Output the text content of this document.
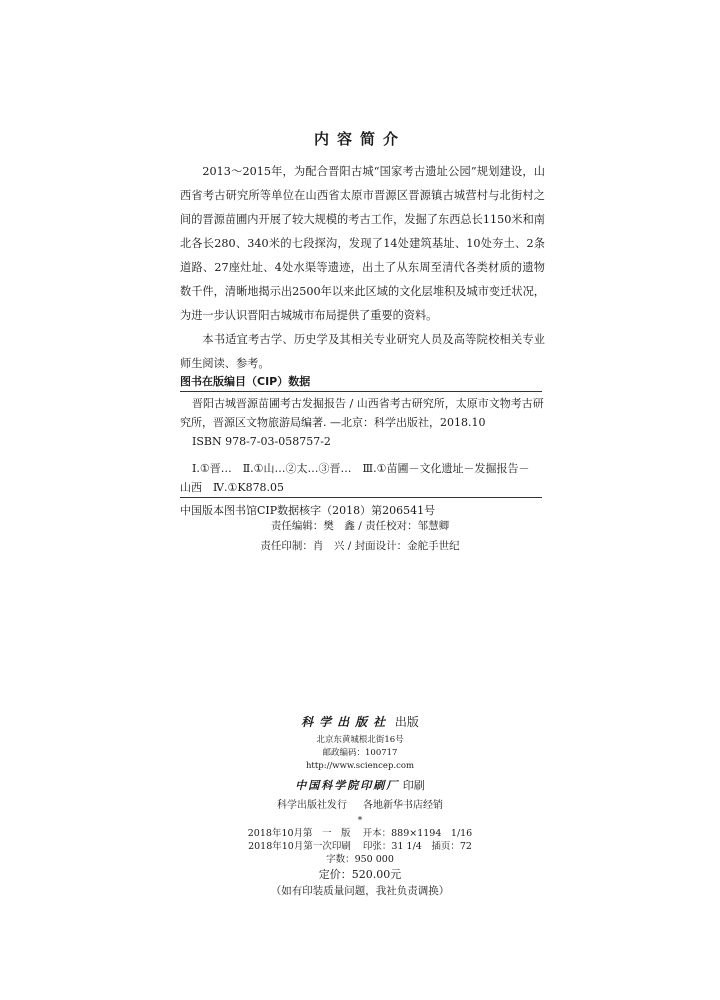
内容简介

2013～2015年，为配合晋阳古城“国家考古遗址公园”规划建设，山西省考古研究所等单位在山西省太原市晋源区晋源镇古城营村与北街村之间的晋源苗圃内开展了较大规模的考古工作，发掘了东西总长1150米和南北各长280、340米的七段探沟，发现了14处建筑基址、10处夯土、2条道路、27座灶址、4处水渠等遗迹，出土了从东周至清代各类材质的遗物数千件，清晰地揭示出2500年以来此区域的文化层堆积及城市变迁状况，为进一步认识晋阳古城城市布局提供了重要的资料。

本书适宜考古学、历史学及其相关专业研究人员及高等院校相关专业师生阅读、参考。

图书在版编目（CIP）数据
晋阳古城晋源苗圃考古发掘报告 / 山西省考古研究所，太原市文物考古研
究所，晋源区文物旅游局编著. —北京：科学出版社，2018.10
ISBN 978-7-03-058757-2
Ⅰ.①晋…　Ⅱ.①山…②太…③晋…　Ⅲ.①苗圃－文化遗址－发掘报告－
山西　Ⅳ.①K878.05
中国版本图书馆CIP数据核字（2018）第206541号
责任编辑：樊　鑫 / 责任校对：邹慧卿
责任印制：肖　兴 / 封面设计：金舵手世纪
科学出版社 出版
北京东黄城根北街16号
邮政编码：100717
http://www.sciencep.com
中国科学院印刷厂 印刷
科学出版社发行 各地新华书店经销
*
2018年10月第　一　版 开本：889×1194　1/16
2018年10月第一次印刷 印张：31 1/4　插页：72
字数：950 000
定价：520.00元
（如有印装质量问题，我社负责调换）
